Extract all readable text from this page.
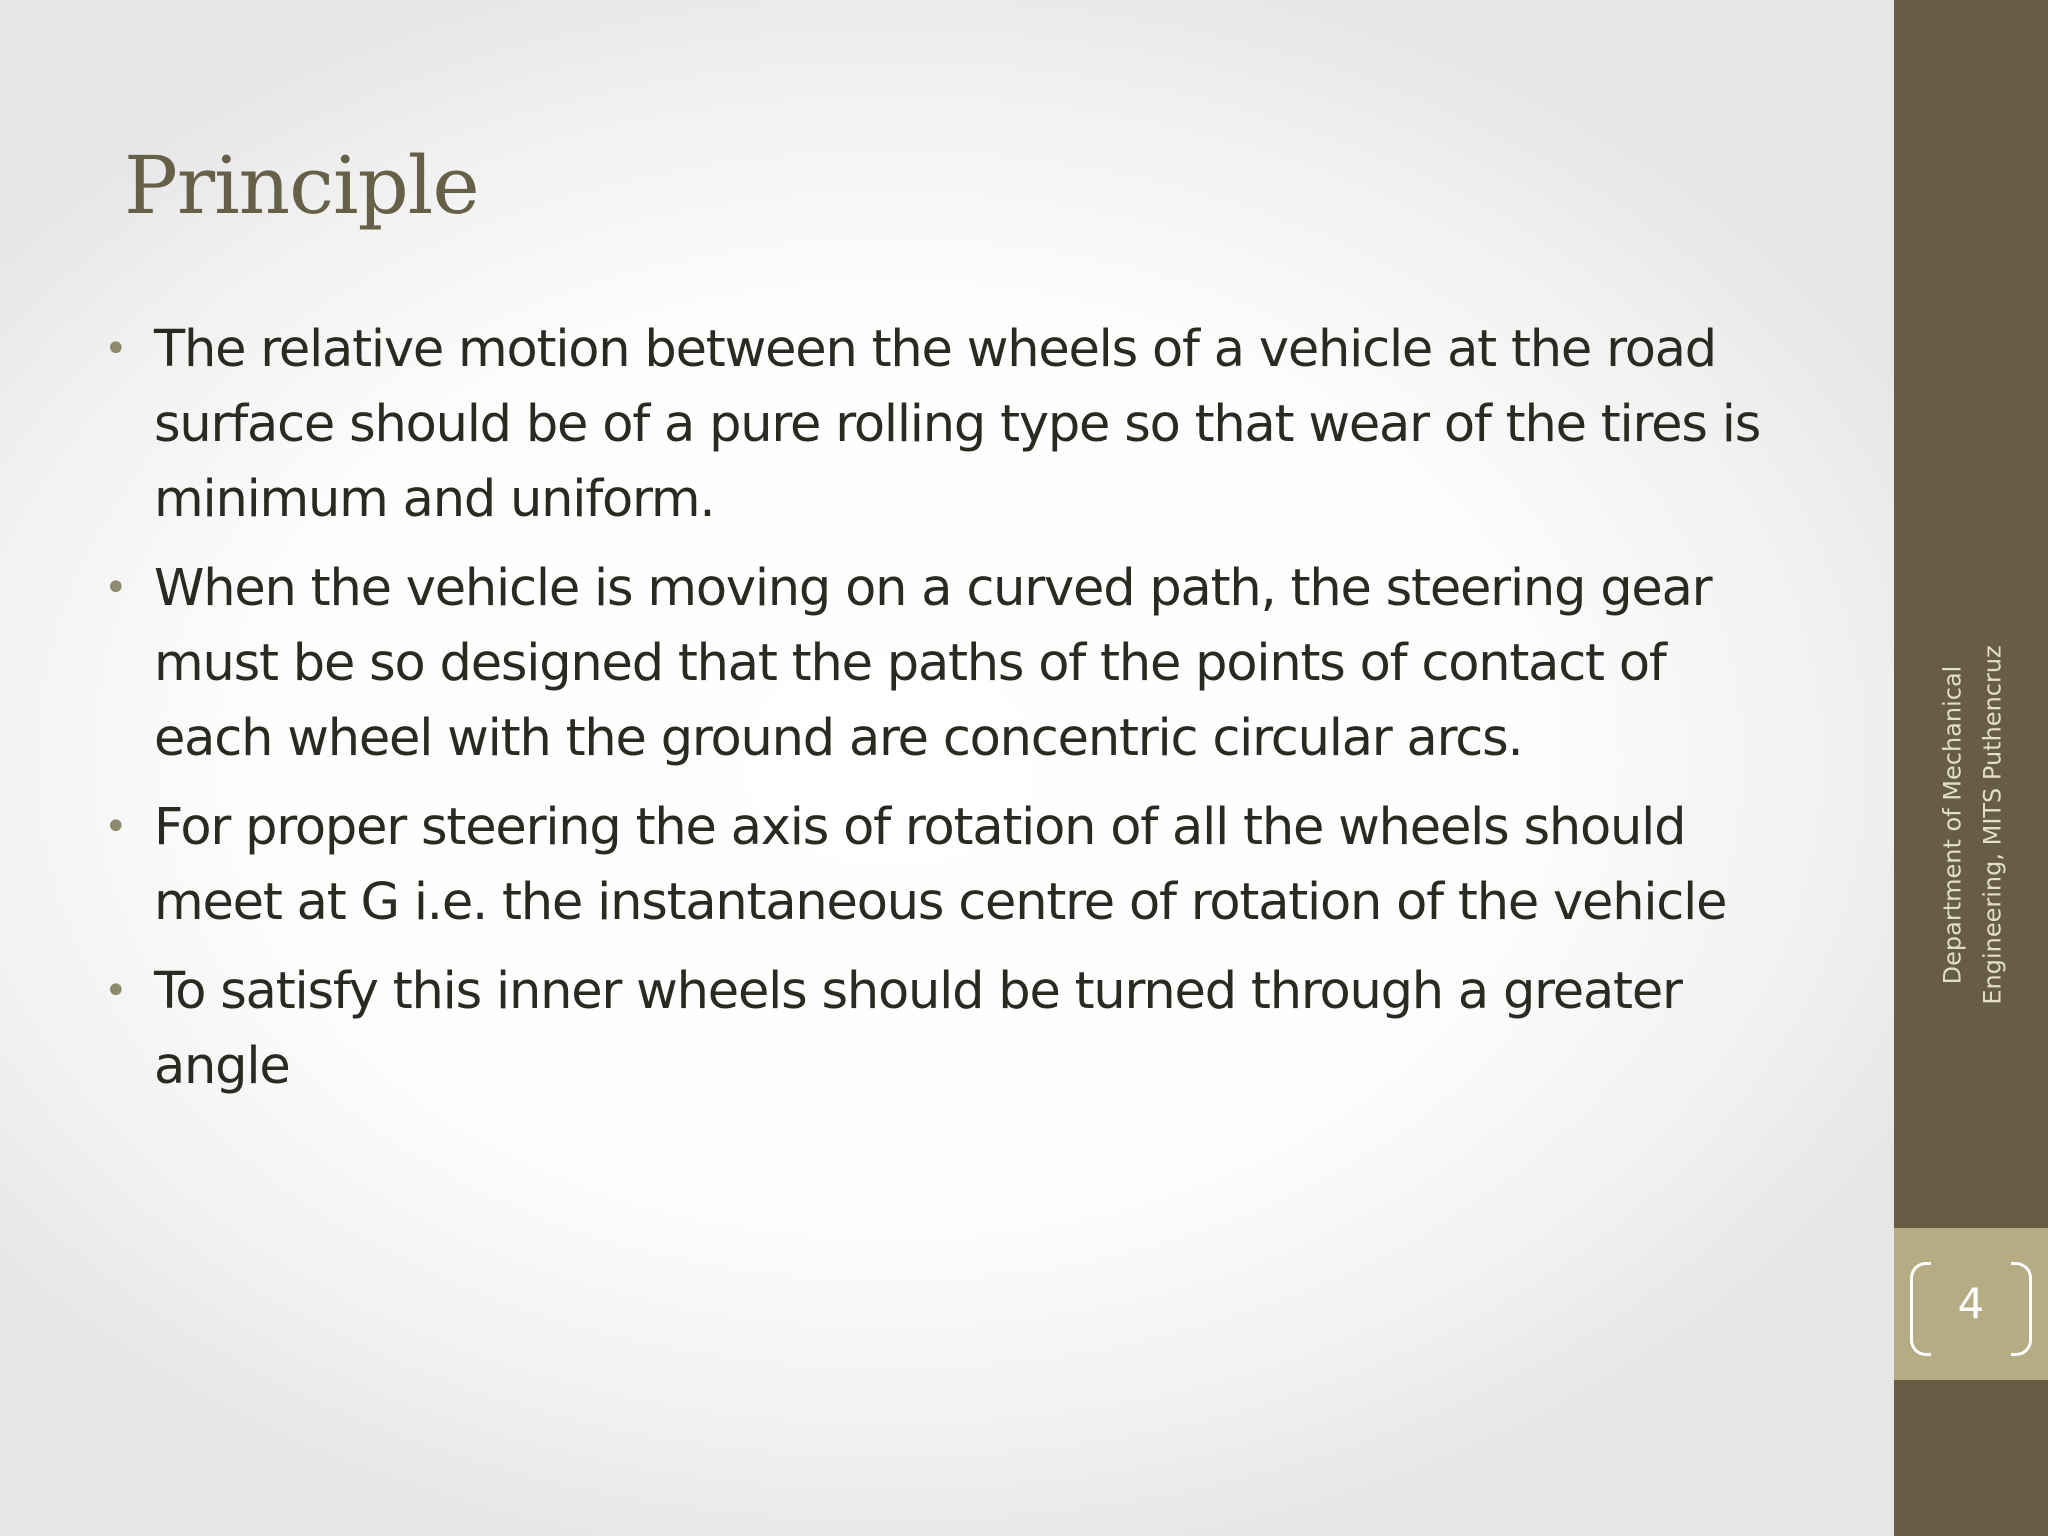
Principle
• The relative motion between the wheels of a vehicle at the road surface should be of a pure rolling type so that wear of the tires is minimum and uniform.
• When the vehicle is moving on a curved path, the steering gear must be so designed that the paths of the points of contact of each wheel with the ground are concentric circular arcs.
• For proper steering the axis of rotation of all the wheels should meet at G i.e. the instantaneous centre of rotation of the vehicle
• To satisfy this inner wheels should be turned through a greater angle
Department of Mechanical Engineering, MITS Puthencruz
4
